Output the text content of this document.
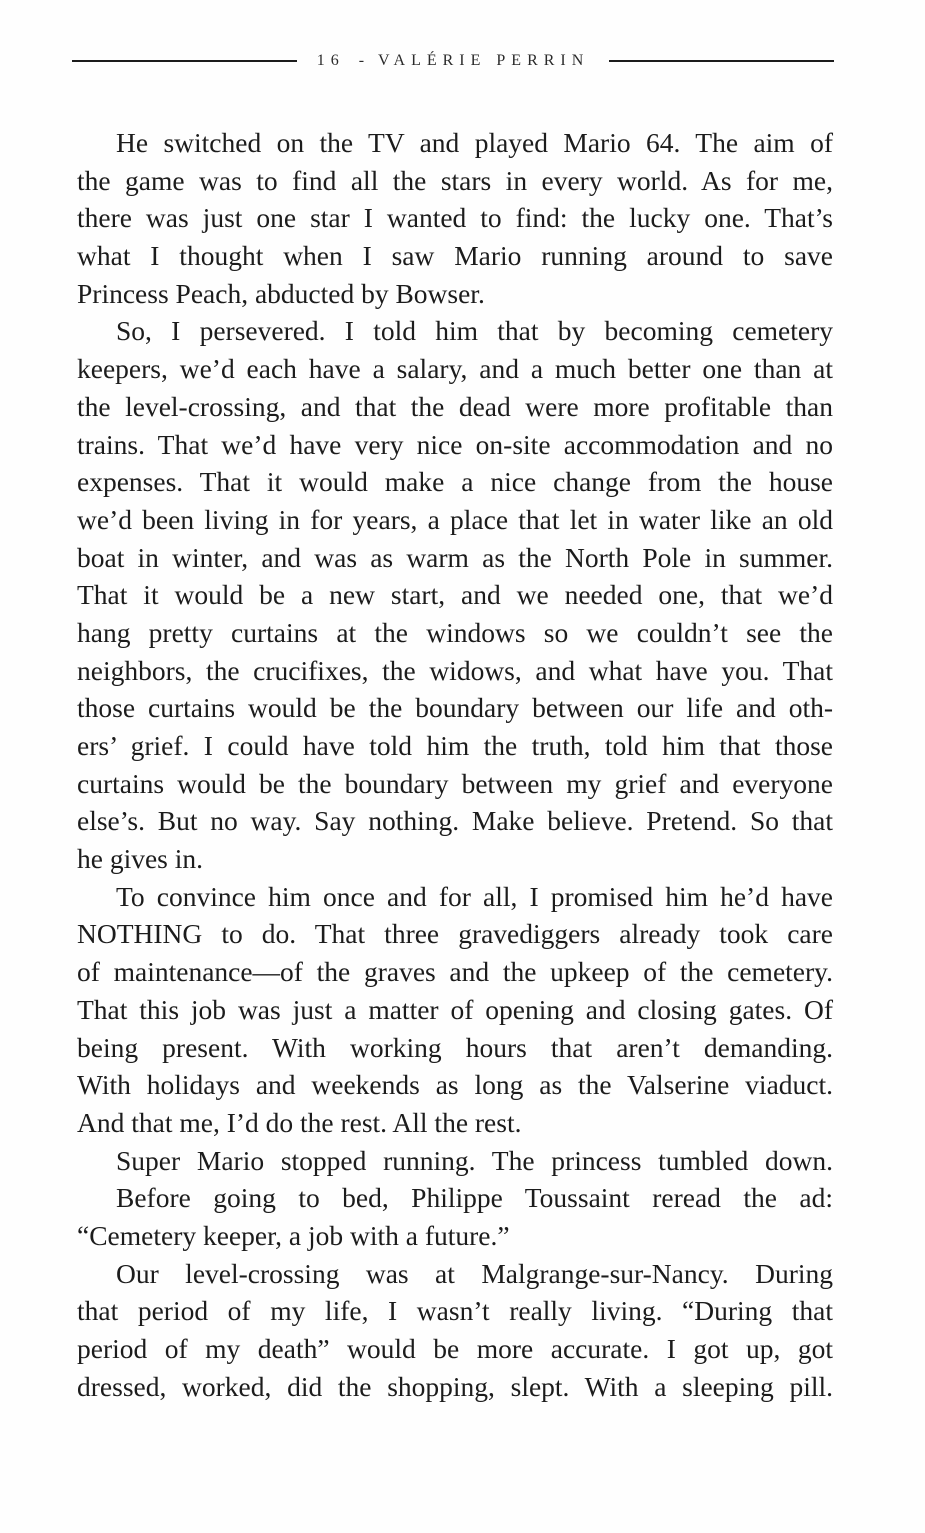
16 - VALÉRIE PERRIN
He switched on the TV and played Mario 64. The aim of
the game was to find all the stars in every world. As for me,
there was just one star I wanted to find: the lucky one. That’s
what I thought when I saw Mario running around to save
Princess Peach, abducted by Bowser.
So, I persevered. I told him that by becoming cemetery
keepers, we’d each have a salary, and a much better one than at
the level-crossing, and that the dead were more profitable than
trains. That we’d have very nice on-site accommodation and no
expenses. That it would make a nice change from the house
we’d been living in for years, a place that let in water like an old
boat in winter, and was as warm as the North Pole in summer.
That it would be a new start, and we needed one, that we’d
hang pretty curtains at the windows so we couldn’t see the
neighbors, the crucifixes, the widows, and what have you. That
those curtains would be the boundary between our life and oth-
ers’ grief. I could have told him the truth, told him that those
curtains would be the boundary between my grief and everyone
else’s. But no way. Say nothing. Make believe. Pretend. So that
he gives in.
To convince him once and for all, I promised him he’d have
NOTHING to do. That three gravediggers already took care
of maintenance—of the graves and the upkeep of the cemetery.
That this job was just a matter of opening and closing gates. Of
being present. With working hours that aren’t demanding.
With holidays and weekends as long as the Valserine viaduct.
And that me, I’d do the rest. All the rest.
Super Mario stopped running. The princess tumbled down.
Before going to bed, Philippe Toussaint reread the ad:
“Cemetery keeper, a job with a future.”
Our level-crossing was at Malgrange-sur-Nancy. During
that period of my life, I wasn’t really living. “During that
period of my death” would be more accurate. I got up, got
dressed, worked, did the shopping, slept. With a sleeping pill.
